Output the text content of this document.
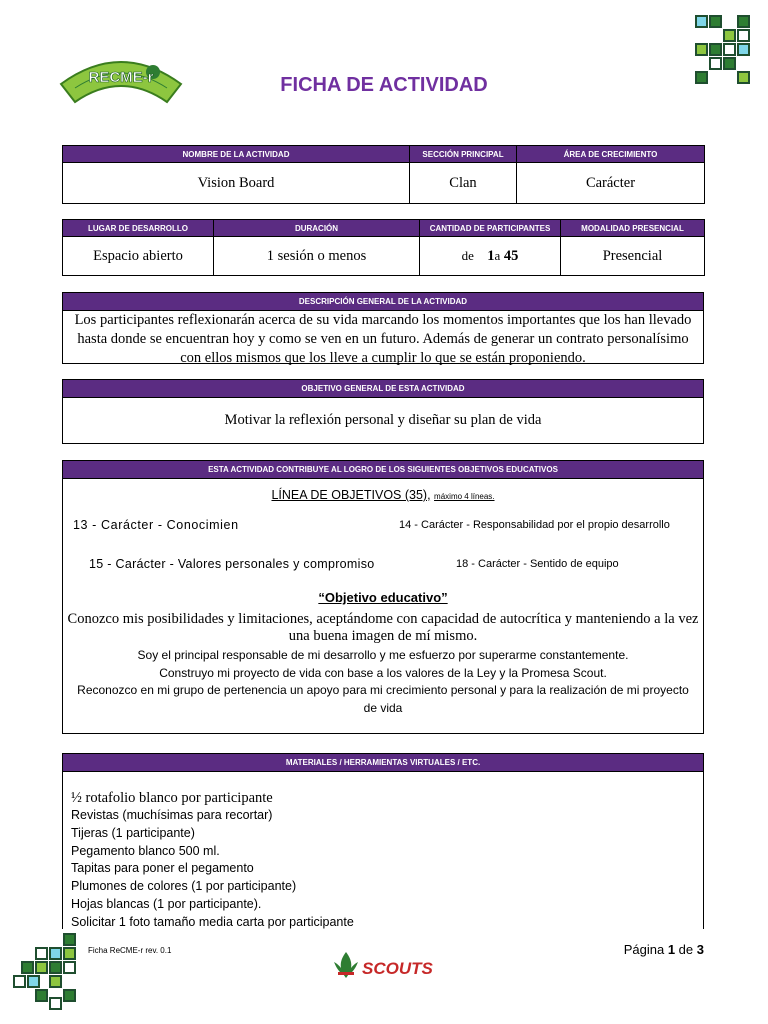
RECME-r	FICHA DE ACTIVIDAD
NOMBRE DE LA ACTIVIDAD	SECCIÓN PRINCIPAL	ÁREA DE CRECIMIENTO
Vision Board	Clan	Carácter
LUGAR DE DESARROLLO	DURACIÓN	CANTIDAD DE PARTICIPANTES	MODALIDAD PRESENCIAL
Espacio abierto	1 sesión o menos	de 1a 45	Presencial
DESCRIPCIÓN GENERAL DE LA ACTIVIDAD
Los participantes reflexionarán acerca de su vida marcando los momentos importantes que los han llevado hasta donde se encuentran hoy y como se ven en un futuro. Además de generar un contrato personalísimo con ellos mismos que los lleve a cumplir lo que se están proponiendo.
OBJETIVO GENERAL DE ESTA ACTIVIDAD
Motivar la reflexión personal y diseñar su plan de vida
ESTA ACTIVIDAD CONTRIBUYE AL LOGRO DE LOS SIGUIENTES OBJETIVOS EDUCATIVOS
LÍNEA DE OBJETIVOS (35), máximo 4 líneas.
13 - Carácter - Conocimien	14 - Carácter - Responsabilidad por el propio desarrollo
15 - Carácter - Valores personales y compromiso	18 - Carácter - Sentido de equipo
“Objetivo educativo”
Conozco mis posibilidades y limitaciones, aceptándome con capacidad de autocrítica y manteniendo a la vez una buena imagen de mí mismo.
Soy el principal responsable de mi desarrollo y me esfuerzo por superarme constantemente.
Construyo mi proyecto de vida con base a los valores de la Ley y la Promesa Scout.
Reconozco en mi grupo de pertenencia un apoyo para mi crecimiento personal y para la realización de mi proyecto de vida
MATERIALES / HERRAMIENTAS VIRTUALES / ETC.
½ rotafolio blanco por participante
Revistas (muchísimas para recortar)
Tijeras (1 participante)
Pegamento blanco 500 ml.
Tapitas para poner el pegamento
Plumones de colores (1 por participante)
Hojas blancas (1 por participante).
Solicitar 1 foto tamaño media carta por participante
Ficha ReCME-r rev. 0.1
SCOUTS
Página 1 de 3
